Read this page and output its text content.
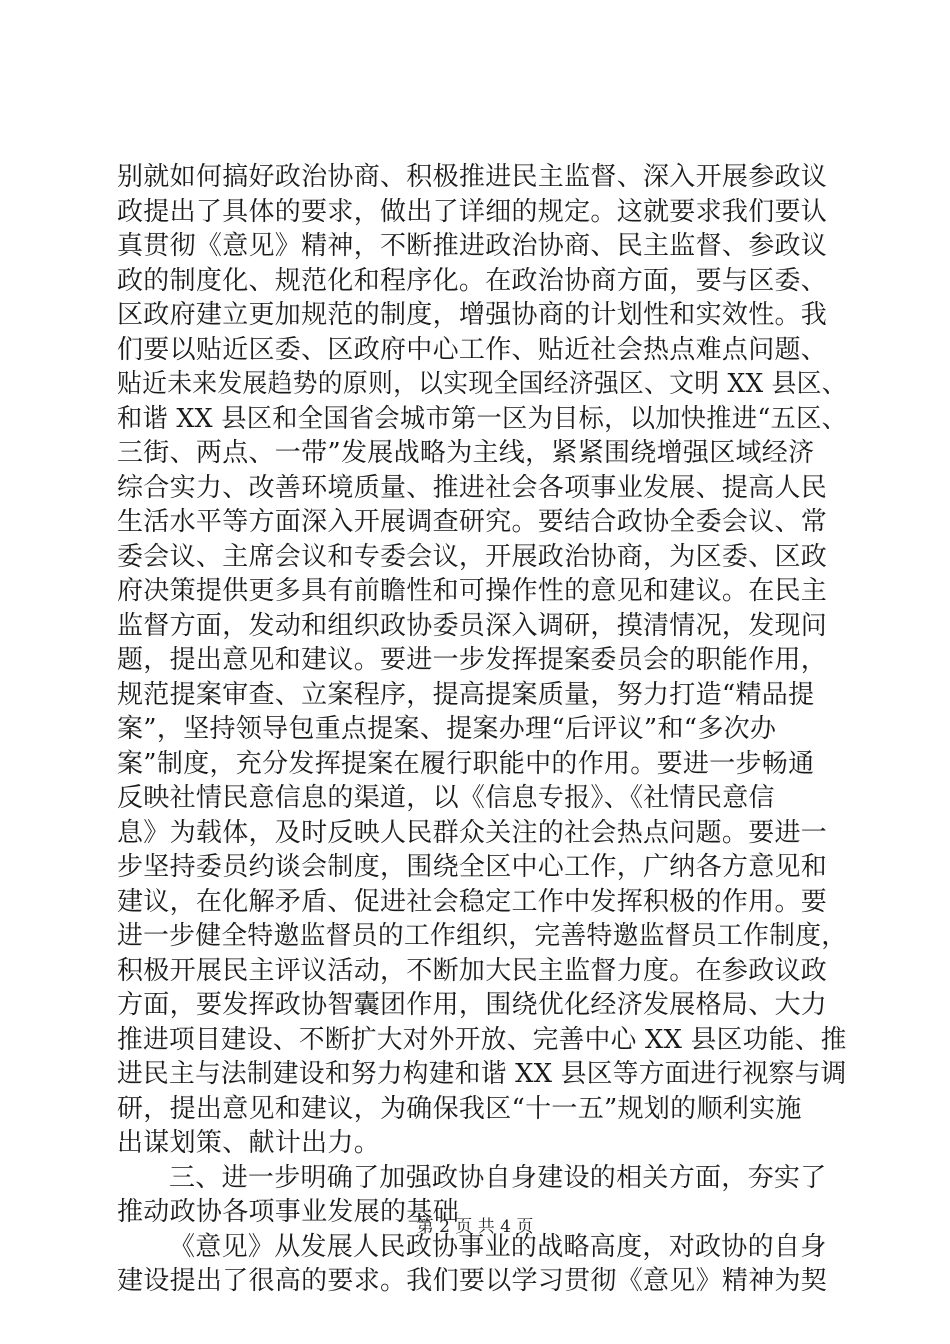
别就如何搞好政治协商、积极推进民主监督、深入开展参政议
政提出了具体的要求，做出了详细的规定。这就要求我们要认
真贯彻《意见》精神，不断推进政治协商、民主监督、参政议
政的制度化、规范化和程序化。在政治协商方面，要与区委、
区政府建立更加规范的制度，增强协商的计划性和实效性。我
们要以贴近区委、区政府中心工作、贴近社会热点难点问题、
贴近未来发展趋势的原则，以实现全国经济强区、文明 XX 县区、
和谐 XX 县区和全国省会城市第一区为目标，以加快推进“五区、
三街、两点、一带”发展战略为主线，紧紧围绕增强区域经济
综合实力、改善环境质量、推进社会各项事业发展、提高人民
生活水平等方面深入开展调查研究。要结合政协全委会议、常
委会议、主席会议和专委会议，开展政治协商，为区委、区政
府决策提供更多具有前瞻性和可操作性的意见和建议。在民主
监督方面，发动和组织政协委员深入调研，摸清情况，发现问
题，提出意见和建议。要进一步发挥提案委员会的职能作用，
规范提案审查、立案程序，提高提案质量，努力打造“精品提
案”，坚持领导包重点提案、提案办理“后评议”和“多次办
案”制度，充分发挥提案在履行职能中的作用。要进一步畅通
反映社情民意信息的渠道，以《信息专报》、《社情民意信
息》为载体，及时反映人民群众关注的社会热点问题。要进一
步坚持委员约谈会制度，围绕全区中心工作，广纳各方意见和
建议，在化解矛盾、促进社会稳定工作中发挥积极的作用。要
进一步健全特邀监督员的工作组织，完善特邀监督员工作制度，
积极开展民主评议活动，不断加大民主监督力度。在参政议政
方面，要发挥政协智囊团作用，围绕优化经济发展格局、大力
推进项目建设、不断扩大对外开放、完善中心 XX 县区功能、推
进民主与法制建设和努力构建和谐 XX 县区等方面进行视察与调
研，提出意见和建议，为确保我区“十一五”规划的顺利实施
出谋划策、献计出力。
三、进一步明确了加强政协自身建设的相关方面，夯实了
推动政协各项事业发展的基础
《意见》从发展人民政协事业的战略高度，对政协的自身
建设提出了很高的要求。我们要以学习贯彻《意见》精神为契
第 2 页 共 4 页
